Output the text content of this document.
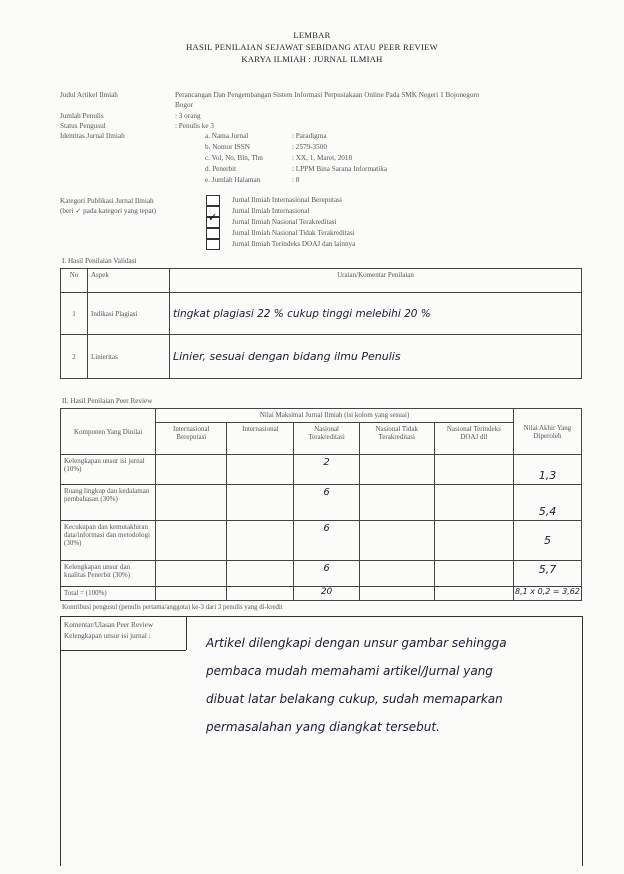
LEMBAR
HASIL PENILAIAN SEJAWAT SEBIDANG ATAU PEER REVIEW
KARYA ILMIAH : JURNAL ILMIAH
Judul Artikel Ilmiah	Perancangan Dan Pengembangan Sistem Informasi Perpustakaan Online Pada SMK Negeri 1 Bojonegoro
Bogor
Jumlah Penulis	: 3 orang
Status Pengusul	: Penulis ke 3
Identitas Jurnal Ilmiah	a. Nama Jurnal	: Paradigma
b. Nomor ISSN	: 2579-3500
c. Vol, No, Bln, Thn	: XX, 1, Maret, 2018
d. Penerbit	: LPPM Bina Sarana Informatika
e. Jumlah Halaman	: 8
Kategori Publikasi Jurnal Ilmiah
(beri ✓ pada kategori yang tepat)
Jurnal Ilmiah Internasional Bereputasi
Jurnal Ilmiah Internasional
✓ Jurnal Ilmiah Nasional Terakreditasi
Jurnal Ilmiah Nasional Tidak Terakreditasi
Jurnal Ilmiah Terindeks DOAJ dan lainnya
I. Hasil Penilaian Validasi
No	Aspek	Uraian/Komentar Penilaian
1	Indikasi Plagiasi	tingkat plagiasi 22 % cukup tinggi melebihi 20 %
2	Linieritas	Linier, sesuai dengan bidang ilmu Penulis
II. Hasil Penilaian Peer Review
Komponen Yang Dinilai	Nilai Maksimal Jurnal Ilmiah (isi kolom yang sesuai)					Nilai Akhir Yang Diperoleh
	Internasional Bereputasi	Internasional	Nasional Terakreditasi	Nasional Tidak Terakreditasi	Nasional Terindeks DOAJ dll	
Kelengkapan unsur isi jurnal (10%)			2			1,3
Ruang lingkup dan kedalaman pembahasan (30%)			6			5,4
Kecukupan dan kemutakhiran data/informasi dan metodologi (30%)			6			5
Kelengkapan unsur dan kualitas Penerbit (30%)			6			5,7
Total = (100%)			20			8,1 x 0,2 = 3,62
Kontribusi pengusul (penulis pertama/anggota) ke-3 dari 3 penulis yang di-kredit
Komentar/Ulasan Peer Review
Kelengkapan unsur isi jurnal :	Artikel dilengkapi dengan unsur gambar sehingga
pembaca mudah memahami artikel/Jurnal yang
dibuat latar belakang cukup, sudah memaparkan
permasalahan yang diangkat tersebut.
